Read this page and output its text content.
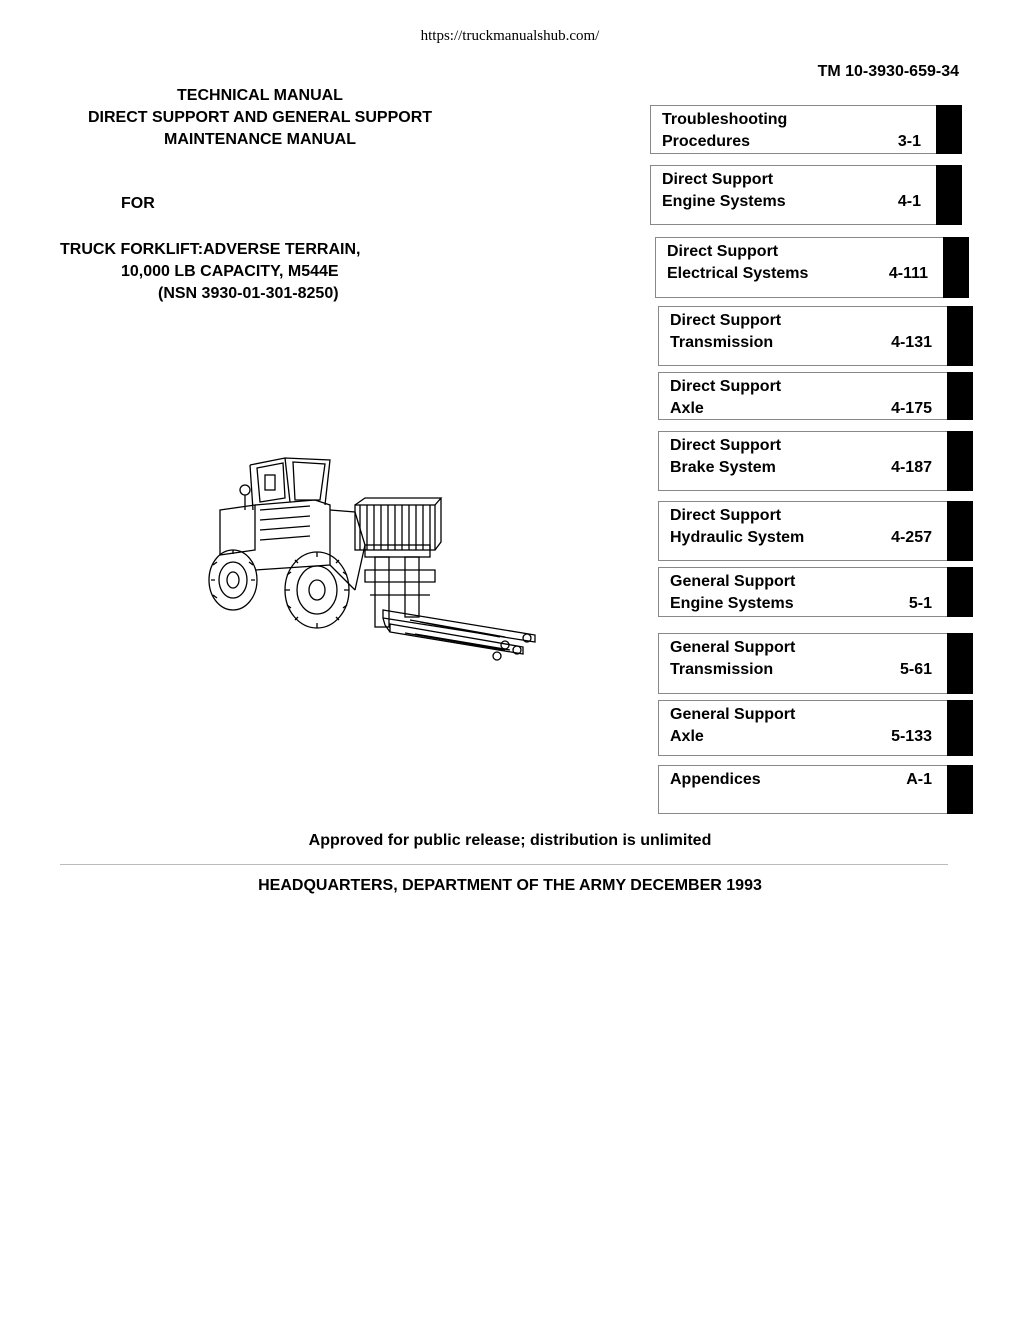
https://truckmanualshub.com/
TM 10-3930-659-34
TECHNICAL MANUAL
DIRECT SUPPORT AND GENERAL SUPPORT
MAINTENANCE MANUAL
FOR
TRUCK FORKLIFT:ADVERSE TERRAIN,
10,000 LB CAPACITY, M544E
(NSN 3930-01-301-8250)
Troubleshooting
Procedures	3-1
Direct Support
Engine Systems	4-1
Direct Support
Electrical Systems	4-111
Direct Support
Transmission	4-131
Direct Support
Axle	4-175
Direct Support
Brake System	4-187
Direct Support
Hydraulic System	4-257
General Support
Engine Systems	5-1
General Support
Transmission	5-61
General Support
Axle	5-133
Appendices	A-1
Approved for public release; distribution is unlimited
HEADQUARTERS, DEPARTMENT OF THE ARMY DECEMBER 1993
